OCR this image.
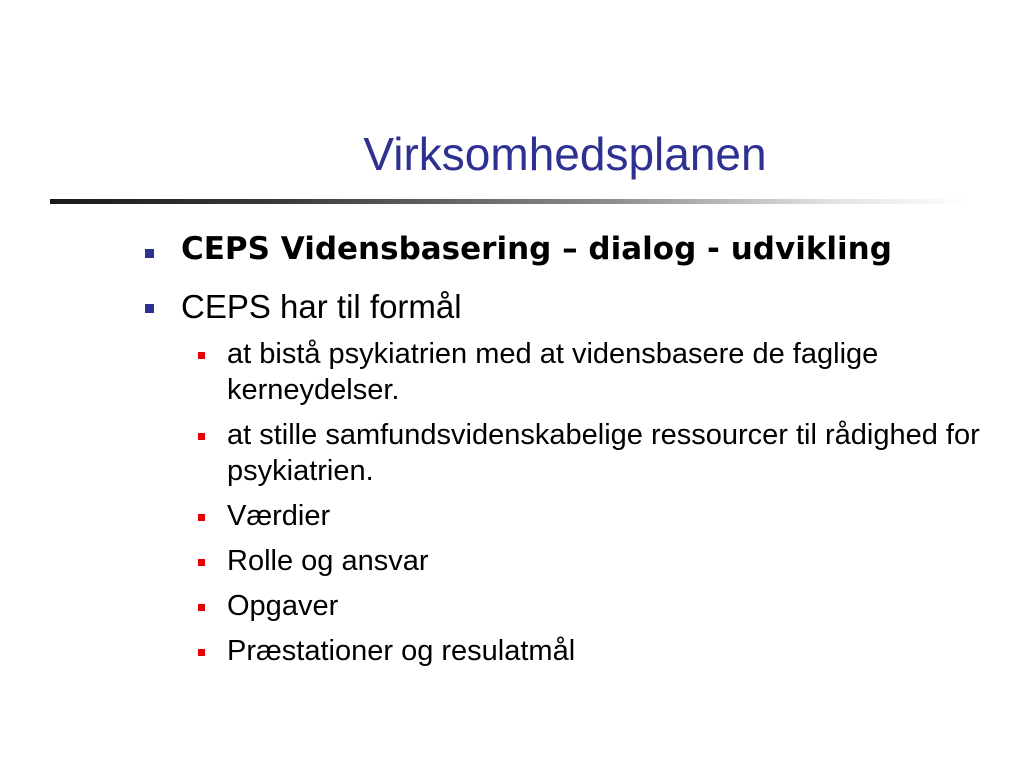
Virksomhedsplanen
CEPS Vidensbasering – dialog - udvikling
CEPS har til formål
at bistå psykiatrien med at vidensbasere de faglige kerneydelser.
at stille samfundsvidenskabelige ressourcer til rådighed for psykiatrien.
Værdier
Rolle og ansvar
Opgaver
Præstationer og resulatmål
